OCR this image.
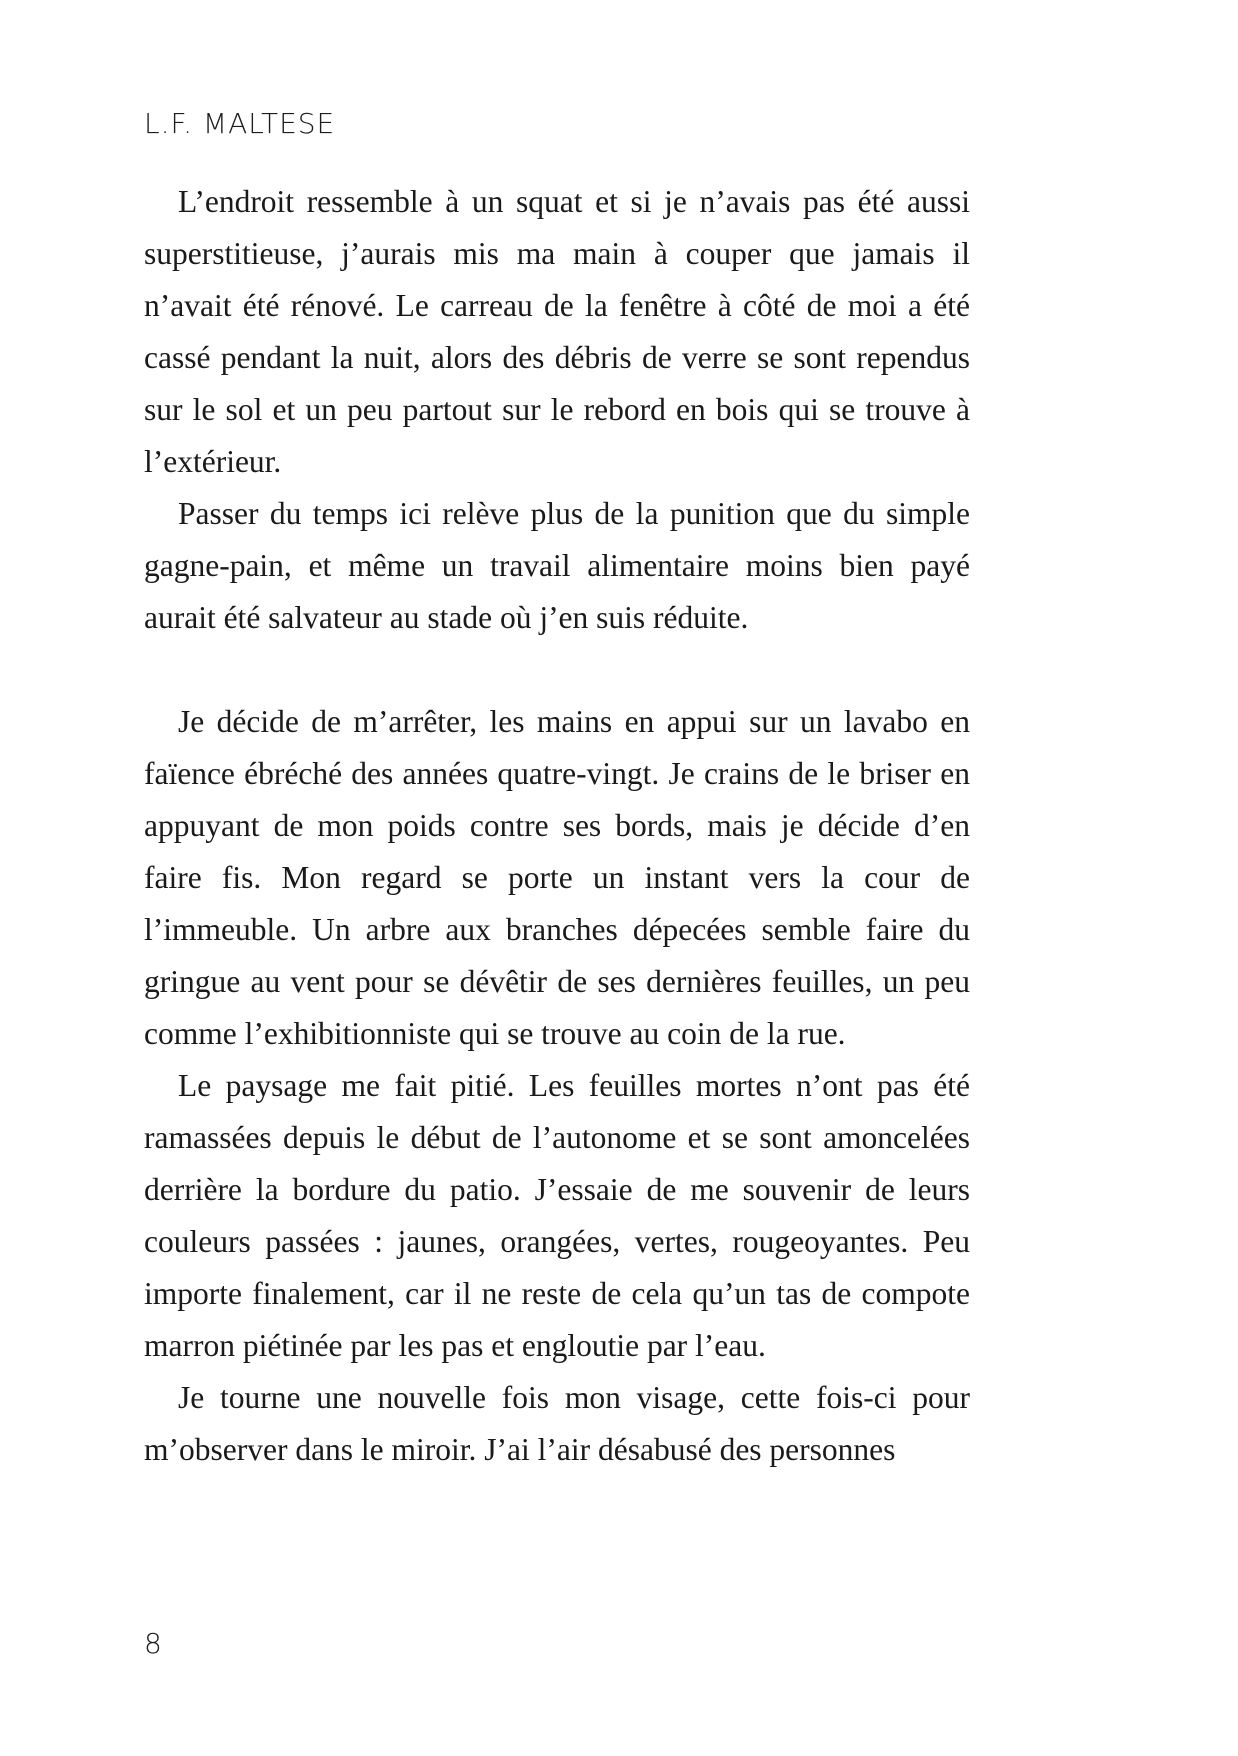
L.F. MALTESE

L’endroit ressemble à un squat et si je n’avais pas été aussi superstitieuse, j’aurais mis ma main à couper que jamais il n’avait été rénové. Le carreau de la fenêtre à côté de moi a été cassé pendant la nuit, alors des débris de verre se sont rependus sur le sol et un peu partout sur le rebord en bois qui se trouve à l’extérieur.

Passer du temps ici relève plus de la punition que du simple gagne-pain, et même un travail alimentaire moins bien payé aurait été salvateur au stade où j’en suis réduite.

Je décide de m’arrêter, les mains en appui sur un lavabo en faïence ébréché des années quatre-vingt. Je crains de le briser en appuyant de mon poids contre ses bords, mais je décide d’en faire fis. Mon regard se porte un instant vers la cour de l’immeuble. Un arbre aux branches dépecées semble faire du gringue au vent pour se dévêtir de ses dernières feuilles, un peu comme l’exhibitionniste qui se trouve au coin de la rue.

Le paysage me fait pitié. Les feuilles mortes n’ont pas été ramassées depuis le début de l’autonome et se sont amoncelées derrière la bordure du patio. J’essaie de me souvenir de leurs couleurs passées : jaunes, orangées, vertes, rougeoyantes. Peu importe finalement, car il ne reste de cela qu’un tas de compote marron piétinée par les pas et engloutie par l’eau.

Je tourne une nouvelle fois mon visage, cette fois-ci pour m’observer dans le miroir. J’ai l’air désabusé des personnes

8
